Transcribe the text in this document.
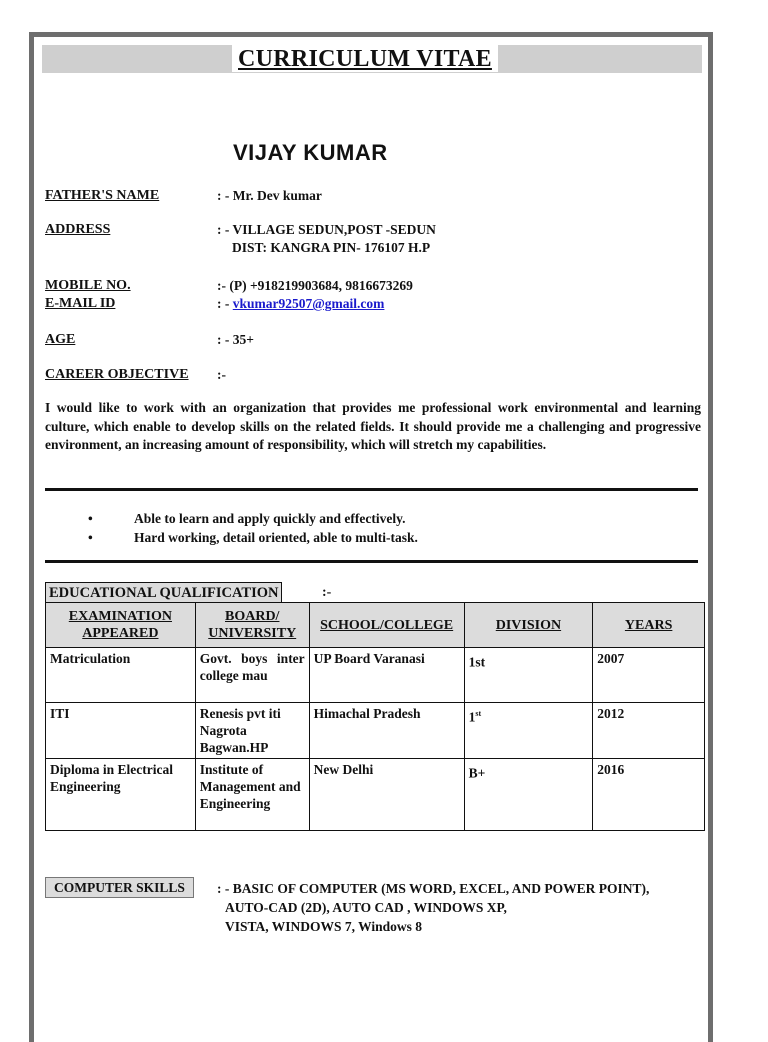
CURRICULUM VITAE
VIJAY KUMAR
FATHER'S NAME	: - Mr. Dev kumar
ADDRESS	: - VILLAGE SEDUN,POST -SEDUN
DIST: KANGRA PIN- 176107 H.P
MOBILE NO.	:- (P) +918219903684, 9816673269
E-MAIL ID	: - vkumar92507@gmail.com
AGE	: - 35+
CAREER OBJECTIVE :-
I would like to work with an organization that provides me professional work environmental and learning culture, which enable to develop skills on the related fields. It should provide me a challenging and progressive environment, an increasing amount of responsibility, which will stretch my capabilities.
•	Able to learn and apply quickly and effectively.
•	Hard working, detail oriented, able to multi-task.
EDUCATIONAL QUALIFICATION	:-
EXAMINATION APPEARED	BOARD/ UNIVERSITY	SCHOOL/COLLEGE	DIVISION	YEARS
Matriculation	Govt. boys inter college mau	UP Board Varanasi	1st	2007
ITI	Renesis pvt iti Nagrota Bagwan.HP	Himachal Pradesh	1st	2012
Diploma in Electrical Engineering	Institute of Management and Engineering	New Delhi	B+	2016
COMPUTER SKILLS	: - BASIC OF COMPUTER (MS WORD, EXCEL, AND POWER POINT),
AUTO-CAD (2D), AUTO CAD , WINDOWS XP,
VISTA, WINDOWS 7, Windows 8
